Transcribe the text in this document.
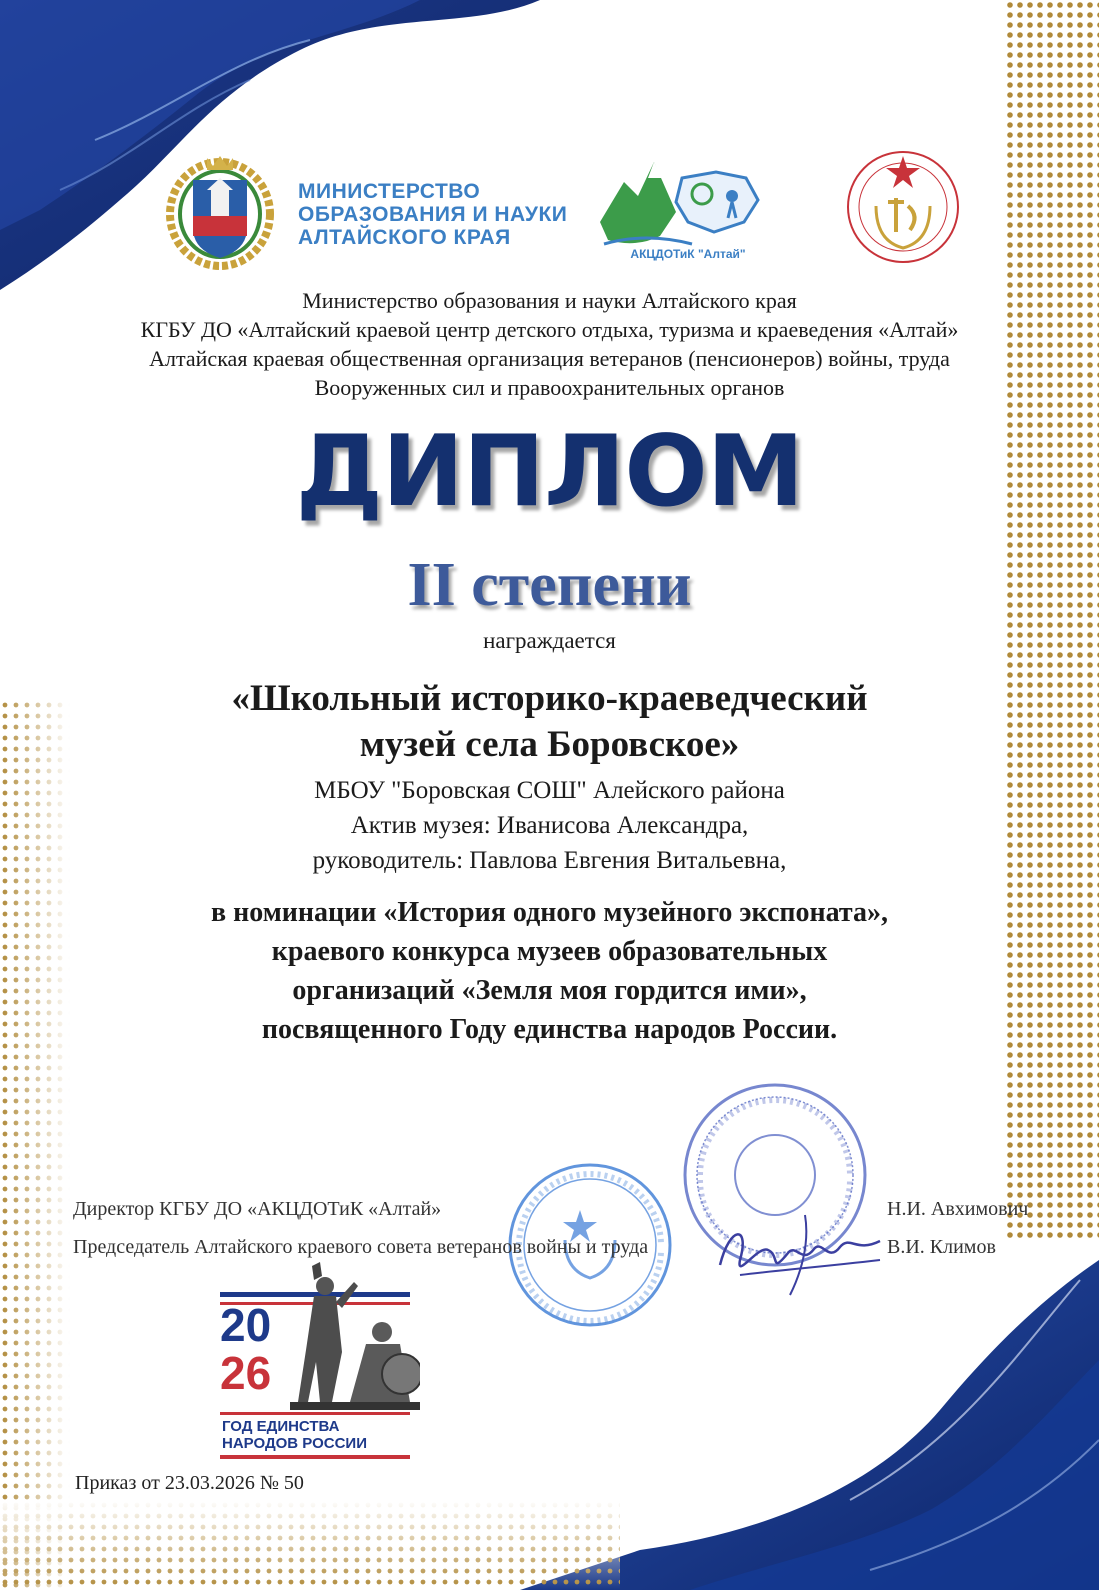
МИНИСТЕРСТВО
ОБРАЗОВАНИЯ И НАУКИ
АЛТАЙСКОГО КРАЯ
АКЦДОТиК "Алтай"
Министерство образования и науки Алтайского края
КГБУ ДО «Алтайский краевой центр детского отдыха, туризма и краеведения «Алтай»
Алтайская краевая общественная организация ветеранов (пенсионеров) войны, труда
Вооруженных сил и правоохранительных органов
ДИПЛОМ
II степени
награждается
«Школьный историко-краеведческий
музей села Боровское»
МБОУ "Боровская СОШ" Алейского района
Актив музея: Иванисова Александра,
руководитель: Павлова Евгения Витальевна,
в номинации «История одного музейного экспоната»,
краевого конкурса музеев образовательных
организаций «Земля моя гордится ими»,
посвященного Году единства народов России.
Директор КГБУ ДО «АКЦДОТиК «Алтай»	Н.И. Авхимович
Председатель Алтайского краевого совета ветеранов войны и труда	В.И. Климов
20
26
ГОД ЕДИНСТВА
НАРОДОВ РОССИИ
Приказ от 23.03.2026 № 50
